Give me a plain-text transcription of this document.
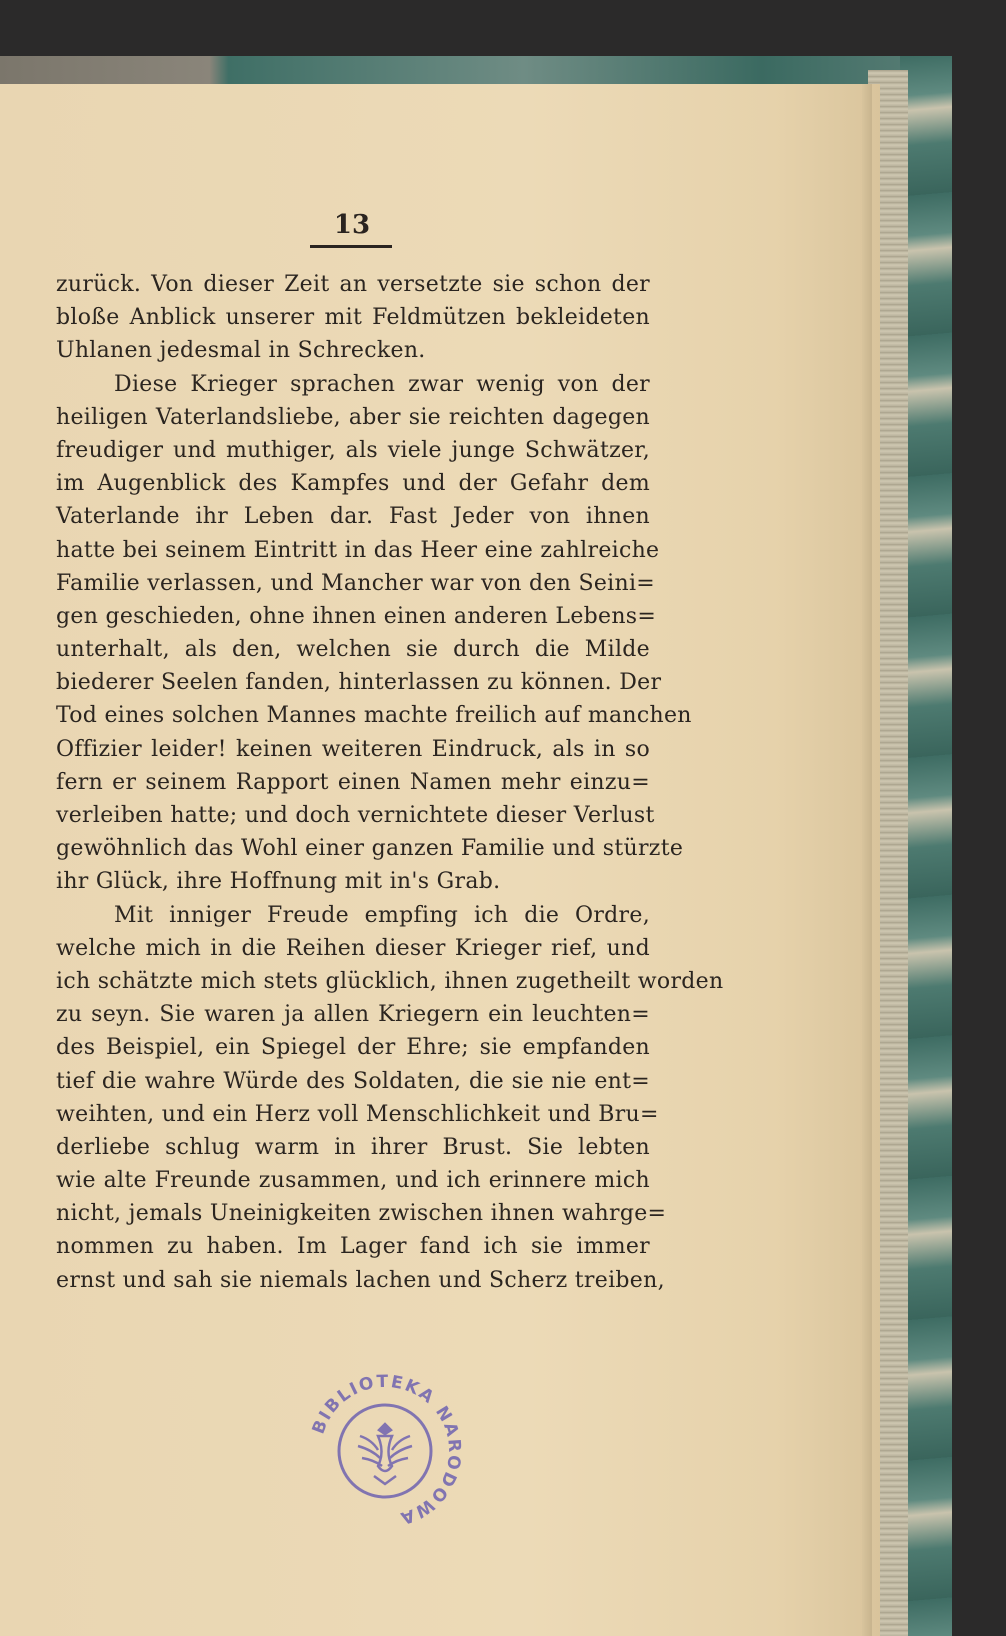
13
zurück. Von dieser Zeit an versetzte sie schon der
bloße Anblick unserer mit Feldmützen bekleideten
Uhlanen jedesmal in Schrecken.
Diese Krieger sprachen zwar wenig von der
heiligen Vaterlandsliebe, aber sie reichten dagegen
freudiger und muthiger, als viele junge Schwätzer,
im Augenblick des Kampfes und der Gefahr dem
Vaterlande ihr Leben dar. Fast Jeder von ihnen
hatte bei seinem Eintritt in das Heer eine zahlreiche
Familie verlassen, und Mancher war von den Seini=
gen geschieden, ohne ihnen einen anderen Lebens=
unterhalt, als den, welchen sie durch die Milde
biederer Seelen fanden, hinterlassen zu können. Der
Tod eines solchen Mannes machte freilich auf manchen
Offizier leider! keinen weiteren Eindruck, als in so
fern er seinem Rapport einen Namen mehr einzu=
verleiben hatte; und doch vernichtete dieser Verlust
gewöhnlich das Wohl einer ganzen Familie und stürzte
ihr Glück, ihre Hoffnung mit in's Grab.
Mit inniger Freude empfing ich die Ordre,
welche mich in die Reihen dieser Krieger rief, und
ich schätzte mich stets glücklich, ihnen zugetheilt worden
zu seyn. Sie waren ja allen Kriegern ein leuchten=
des Beispiel, ein Spiegel der Ehre; sie empfanden
tief die wahre Würde des Soldaten, die sie nie ent=
weihten, und ein Herz voll Menschlichkeit und Bru=
derliebe schlug warm in ihrer Brust. Sie lebten
wie alte Freunde zusammen, und ich erinnere mich
nicht, jemals Uneinigkeiten zwischen ihnen wahrge=
nommen zu haben. Im Lager fand ich sie immer
ernst und sah sie niemals lachen und Scherz treiben,
BIBLIOTEKA NARODOWA
